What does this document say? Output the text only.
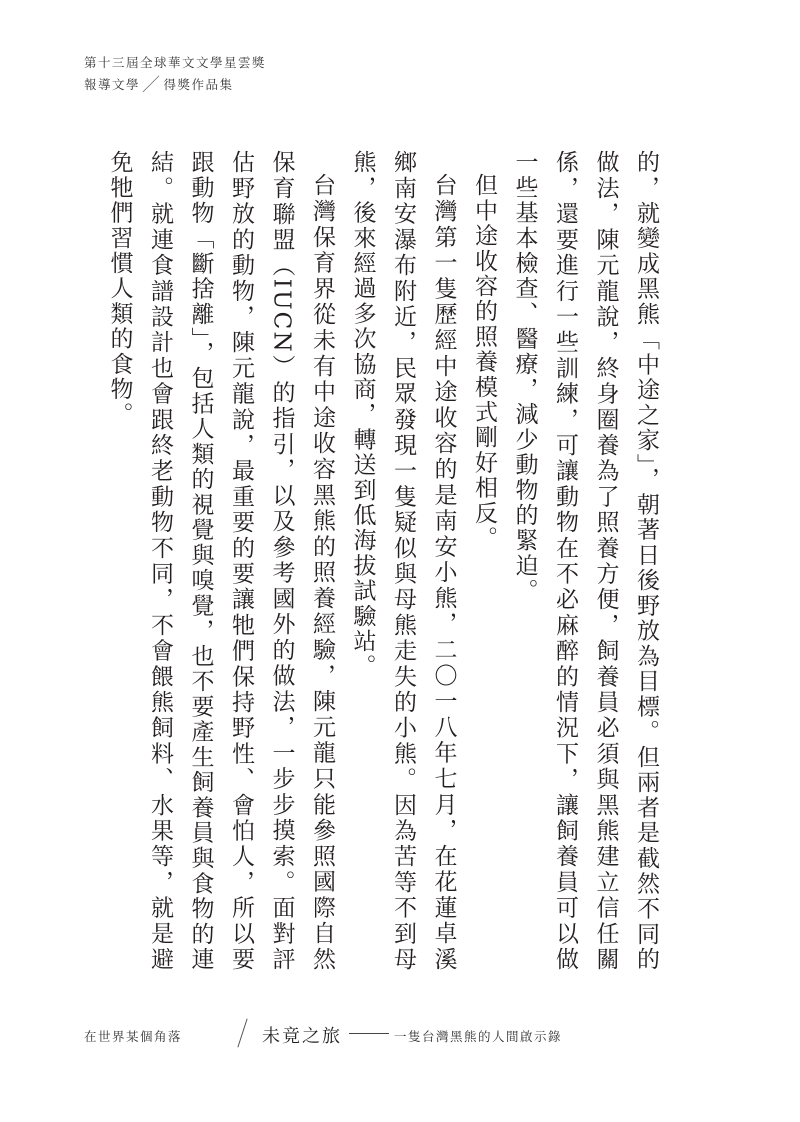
第十三屆全球華文文學星雲獎
報導文學 ／ 得獎作品集

的，就變成黑熊「中途之家」，朝著日後野放為目標。但兩者是截然不同的做法，陳元龍說，終身圈養為了照養方便，飼養員必須與黑熊建立信任關係，還要進行一些訓練，可讓動物在不必麻醉的情況下，讓飼養員可以做一些基本檢查、醫療，減少動物的緊迫。

但中途收容的照養模式剛好相反。

台灣第一隻歷經中途收容的是南安小熊，二〇一八年七月，在花蓮卓溪鄉南安瀑布附近，民眾發現一隻疑似與母熊走失的小熊。因為苦等不到母熊，後來經過多次協商，轉送到低海拔試驗站。

台灣保育界從未有中途收容黑熊的照養經驗，陳元龍只能參照國際自然保育聯盟（IUCN）的指引，以及參考國外的做法，一步步摸索。面對評估野放的動物，陳元龍說，最重要的要讓牠們保持野性、會怕人，所以要跟動物「斷捨離」，包括人類的視覺與嗅覺，也不要產生飼養員與食物的連結。就連食譜設計也會跟終老動物不同，不會餵熊飼料、水果等，就是避免牠們習慣人類的食物。

在世界某個角落	未竟之旅	一隻台灣黑熊的人間啟示錄
